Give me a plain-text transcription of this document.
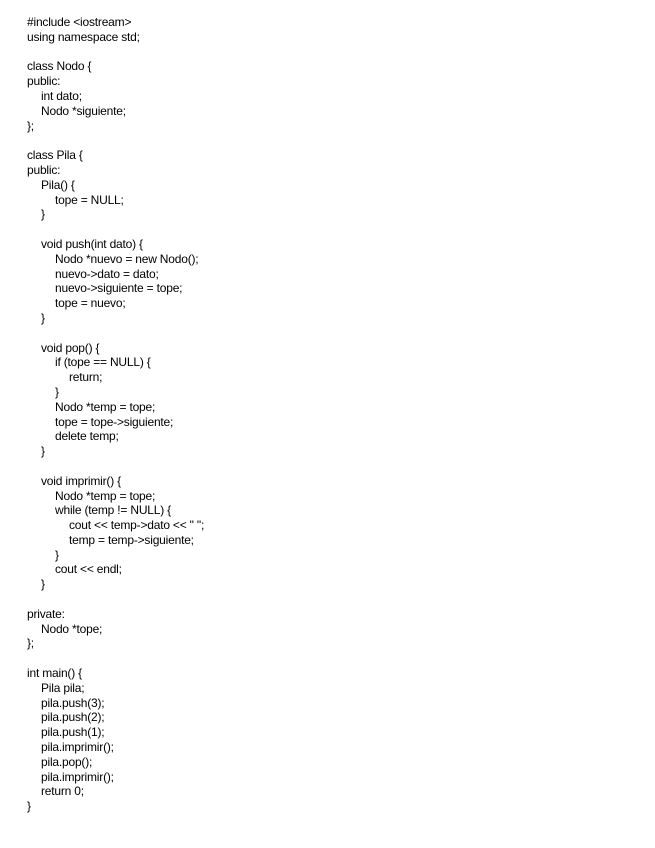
#include <iostream>
using namespace std;
class Nodo {
public:
int dato;
Nodo *siguiente;
};
class Pila {
public:
Pila() {
tope = NULL;
}
void push(int dato) {
Nodo *nuevo = new Nodo();
nuevo->dato = dato;
nuevo->siguiente = tope;
tope = nuevo;
}
void pop() {
if (tope == NULL) {
return;
}
Nodo *temp = tope;
tope = tope->siguiente;
delete temp;
}
void imprimir() {
Nodo *temp = tope;
while (temp != NULL) {
cout << temp->dato << " ";
temp = temp->siguiente;
}
cout << endl;
}
private:
Nodo *tope;
};
int main() {
Pila pila;
pila.push(3);
pila.push(2);
pila.push(1);
pila.imprimir();
pila.pop();
pila.imprimir();
return 0;
}
